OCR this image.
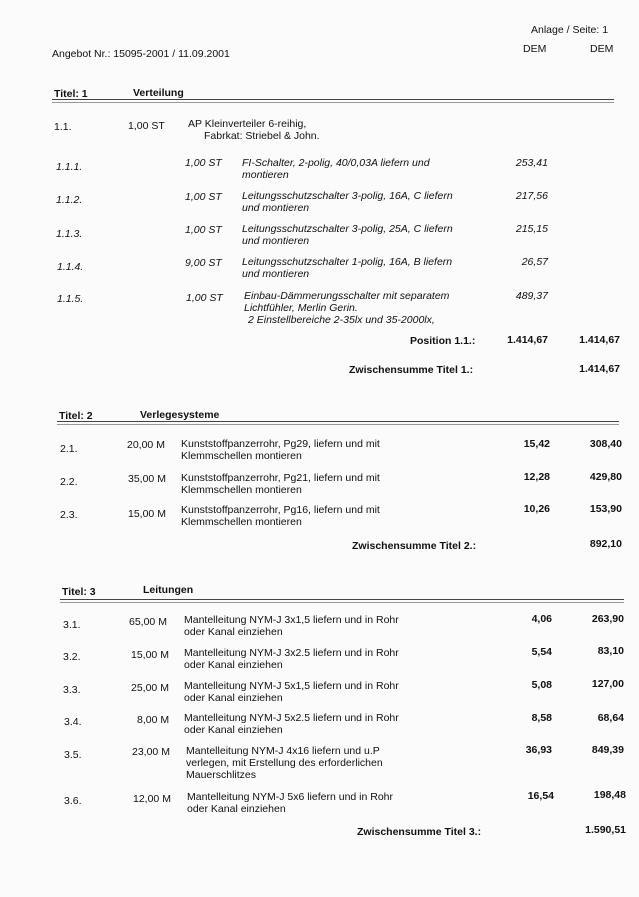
Anlage / Seite: 1
Angebot Nr.: 15095-2001 / 11.09.2001	DEM	DEM
Titel: 1	Verteilung
1.1.	1,00 ST AP Kleinverteiler 6-reihig,
Fabrkat: Striebel & John.
1.1.1.	1,00 ST FI-Schalter, 2-polig, 40/0,03A liefern und
montieren
253,41
1.1.2.	1,00 ST Leitungsschutzschalter 3-polig, 16A, C liefern
und montieren
217,56
1.1.3.	1,00 ST Leitungsschutzschalter 3-polig, 25A, C liefern
und montieren
215,15
1.1.4.	9,00 ST Leitungsschutzschalter 1-polig, 16A, B liefern
und montieren
26,57
1.1.5.	1,00 ST Einbau-Dämmerungsschalter mit separatem
Lichtfühler, Merlin Gerin.
2 Einstellbereiche 2-35lx und 35-2000lx,
489,37
Position 1.1.:	1.414,67	1.414,67
Zwischensumme Titel 1.:	1.414,67
Titel: 2	Verlegesysteme
2.1.	20,00 M Kunststoffpanzerrohr, Pg29, liefern und mit
Klemmschellen montieren
15,42	308,40
2.2.	35,00 M Kunststoffpanzerrohr, Pg21, liefern und mit
Klemmschellen montieren
12,28	429,80
2.3.	15,00 M Kunststoffpanzerrohr, Pg16, liefern und mit
Klemmschellen montieren
10,26	153,90
Zwischensumme Titel 2.:	892,10
Titel: 3	Leitungen
3.1.	65,00 M Mantelleitung NYM-J 3x1,5 liefern und in Rohr
oder Kanal einziehen
4,06	263,90
3.2.	15,00 M Mantelleitung NYM-J 3x2.5 liefern und in Rohr
oder Kanal einziehen
5,54	83,10
3.3.	25,00 M Mantelleitung NYM-J 5x1,5 liefern und in Rohr
oder Kanal einziehen
5,08	127,00
3.4.	8,00 M Mantelleitung NYM-J 5x2.5 liefern und in Rohr
oder Kanal einziehen
8,58	68,64
3.5.	23,00 M Mantelleitung NYM-J 4x16 liefern und u.P
verlegen, mit Erstellung des erforderlichen
Mauerschlitzes
36,93	849,39
3.6.	12,00 M Mantelleitung NYM-J 5x6 liefern und in Rohr
oder Kanal einziehen
16,54	198,48
Zwischensumme Titel 3.:	1.590,51
